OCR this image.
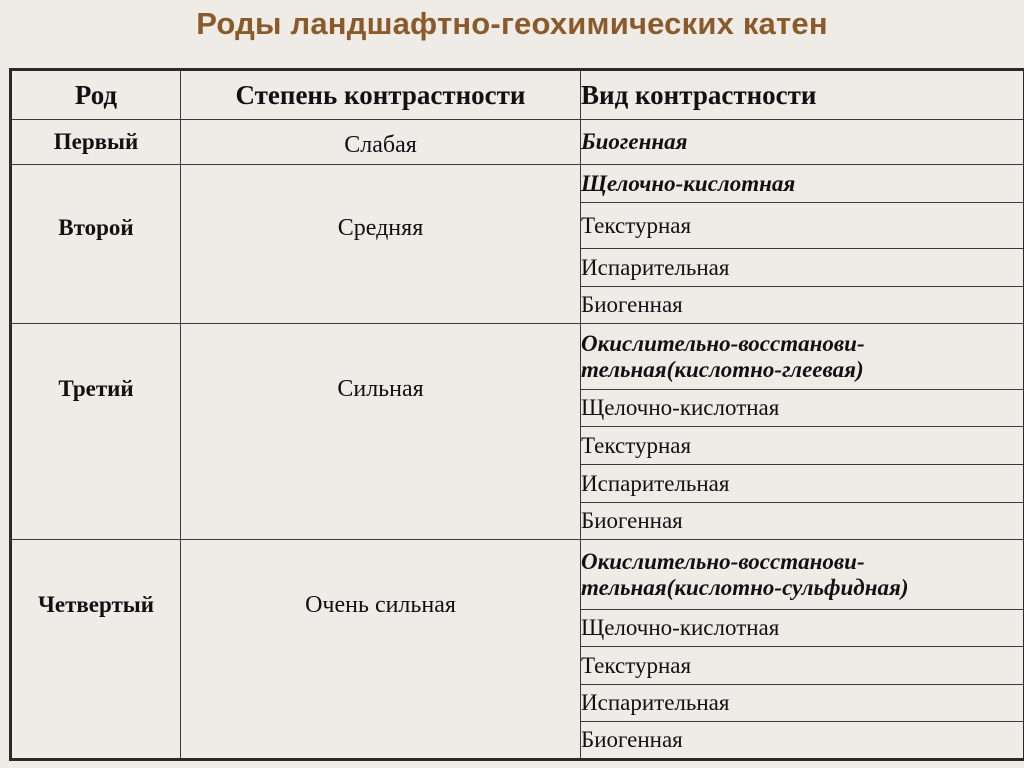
Роды ландшафтно-геохимических катен
Род	Степень контрастности	Вид контрастности
Первый	Слабая	Биогенная
Второй	Средняя	Щелочно-кислотная
		Текстурная
		Испарительная
		Биогенная
Третий	Сильная	Окислительно-восстанови-
тельная(кислотно-глеевая)
		Щелочно-кислотная
		Текстурная
		Испарительная
		Биогенная
Четвертый	Очень сильная	Окислительно-восстанови-
тельная(кислотно-сульфидная)
		Щелочно-кислотная
		Текстурная
		Испарительная
		Биогенная
